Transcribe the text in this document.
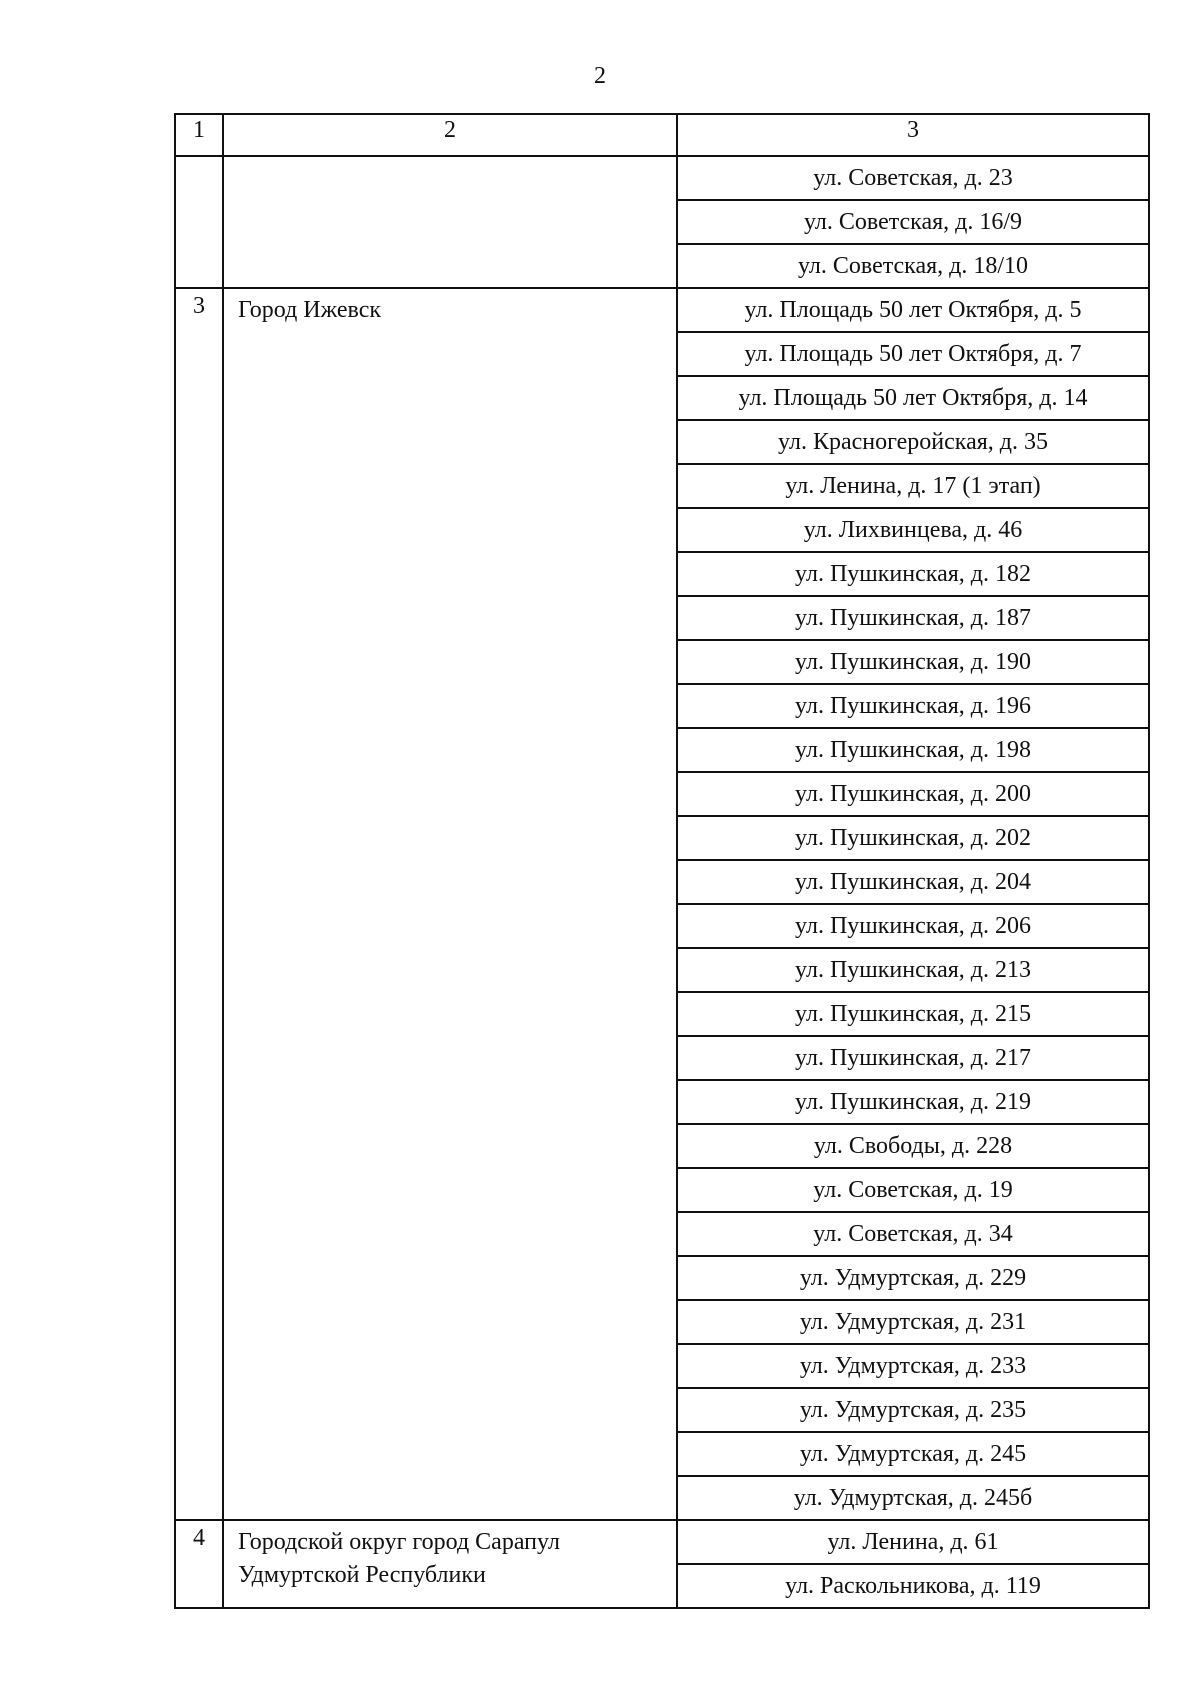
2
1	2	3
		ул. Советская, д. 23
		ул. Советская, д. 16/9
		ул. Советская, д. 18/10
3	Город Ижевск	ул. Площадь 50 лет Октября, д. 5
		ул. Площадь 50 лет Октября, д. 7
		ул. Площадь 50 лет Октября, д. 14
		ул. Красногеройская, д. 35
		ул. Ленина, д. 17 (1 этап)
		ул. Лихвинцева, д. 46
		ул. Пушкинская, д. 182
		ул. Пушкинская, д. 187
		ул. Пушкинская, д. 190
		ул. Пушкинская, д. 196
		ул. Пушкинская, д. 198
		ул. Пушкинская, д. 200
		ул. Пушкинская, д. 202
		ул. Пушкинская, д. 204
		ул. Пушкинская, д. 206
		ул. Пушкинская, д. 213
		ул. Пушкинская, д. 215
		ул. Пушкинская, д. 217
		ул. Пушкинская, д. 219
		ул. Свободы, д. 228
		ул. Советская, д. 19
		ул. Советская, д. 34
		ул. Удмуртская, д. 229
		ул. Удмуртская, д. 231
		ул. Удмуртская, д. 233
		ул. Удмуртская, д. 235
		ул. Удмуртская, д. 245
		ул. Удмуртская, д. 245б
4	Городской округ город Сарапул Удмуртской Республики	ул. Ленина, д. 61
		ул. Раскольникова, д. 119
